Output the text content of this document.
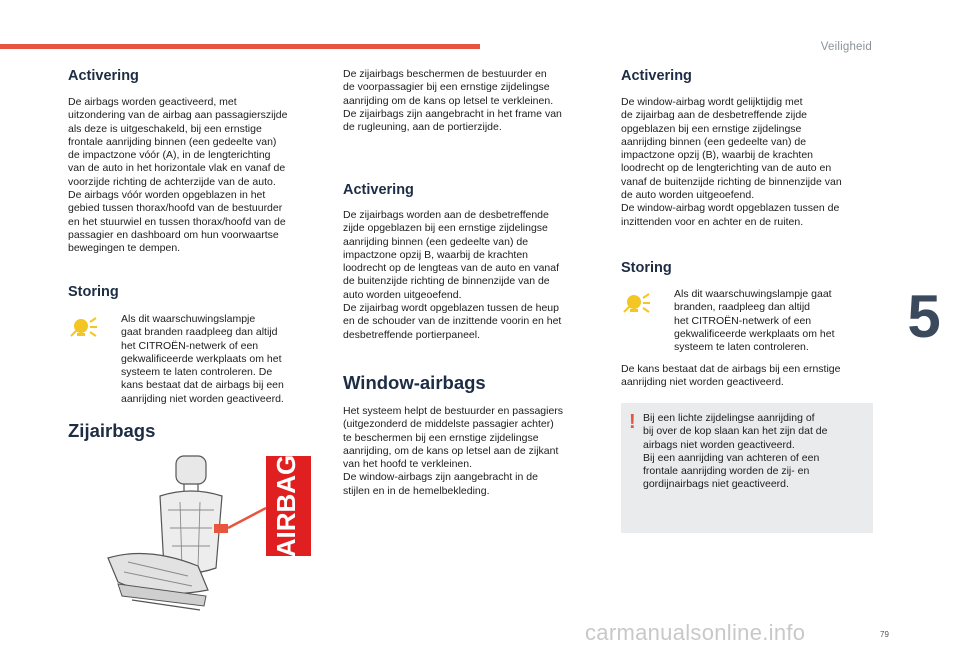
Veiligheid
Activering
De airbags worden geactiveerd, met
uitzondering van de airbag aan passagierszijde
als deze is uitgeschakeld, bij een ernstige
frontale aanrijding binnen (een gedeelte van)
de impactzone vóór (A), in de lengterichting
van de auto in het horizontale vlak en vanaf de
voorzijde richting de achterzijde van de auto.
De airbags vóór worden opgeblazen in het
gebied tussen thorax/hoofd van de bestuurder
en het stuurwiel en tussen thorax/hoofd van de
passagier en dashboard om hun voorwaartse
bewegingen te dempen.
Storing
Als dit waarschuwingslampje
gaat branden raadpleeg dan altijd
het CITROËN-netwerk of een
gekwalificeerde werkplaats om het
systeem te laten controleren. De
kans bestaat dat de airbags bij een
aanrijding niet worden geactiveerd.
Zijairbags
AIRBAG
De zijairbags beschermen de bestuurder en
de voorpassagier bij een ernstige zijdelingse
aanrijding om de kans op letsel te verkleinen.
De zijairbags zijn aangebracht in het frame van
de rugleuning, aan de portierzijde.
Activering
De zijairbags worden aan de desbetreffende
zijde opgeblazen bij een ernstige zijdelingse
aanrijding binnen (een gedeelte van) de
impactzone opzij B, waarbij de krachten
loodrecht op de lengteas van de auto en vanaf
de buitenzijde richting de binnenzijde van de
auto worden uitgeoefend.
De zijairbag wordt opgeblazen tussen de heup
en de schouder van de inzittende voorin en het
desbetreffende portierpaneel.
Window-airbags
Het systeem helpt de bestuurder en passagiers
(uitgezonderd de middelste passagier achter)
te beschermen bij een ernstige zijdelingse
aanrijding, om de kans op letsel aan de zijkant
van het hoofd te verkleinen.
De window-airbags zijn aangebracht in de
stijlen en in de hemelbekleding.
Activering
De window-airbag wordt gelijktijdig met
de zijairbag aan de desbetreffende zijde
opgeblazen bij een ernstige zijdelingse
aanrijding binnen (een gedeelte van) de
impactzone opzij (B), waarbij de krachten
loodrecht op de lengterichting van de auto en
vanaf de buitenzijde richting de binnenzijde van
de auto worden uitgeoefend.
De window-airbag wordt opgeblazen tussen de
inzittenden voor en achter en de ruiten.
Storing
Als dit waarschuwingslampje gaat
branden, raadpleeg dan altijd
het CITROËN-netwerk of een
gekwalificeerde werkplaats om het
systeem te laten controleren.
De kans bestaat dat de airbags bij een ernstige
aanrijding niet worden geactiveerd.
! Bij een lichte zijdelingse aanrijding of
bij over de kop slaan kan het zijn dat de
airbags niet worden geactiveerd.
Bij een aanrijding van achteren of een
frontale aanrijding worden de zij- en
gordijnairbags niet geactiveerd.
5
79
carmanualsonline.info
